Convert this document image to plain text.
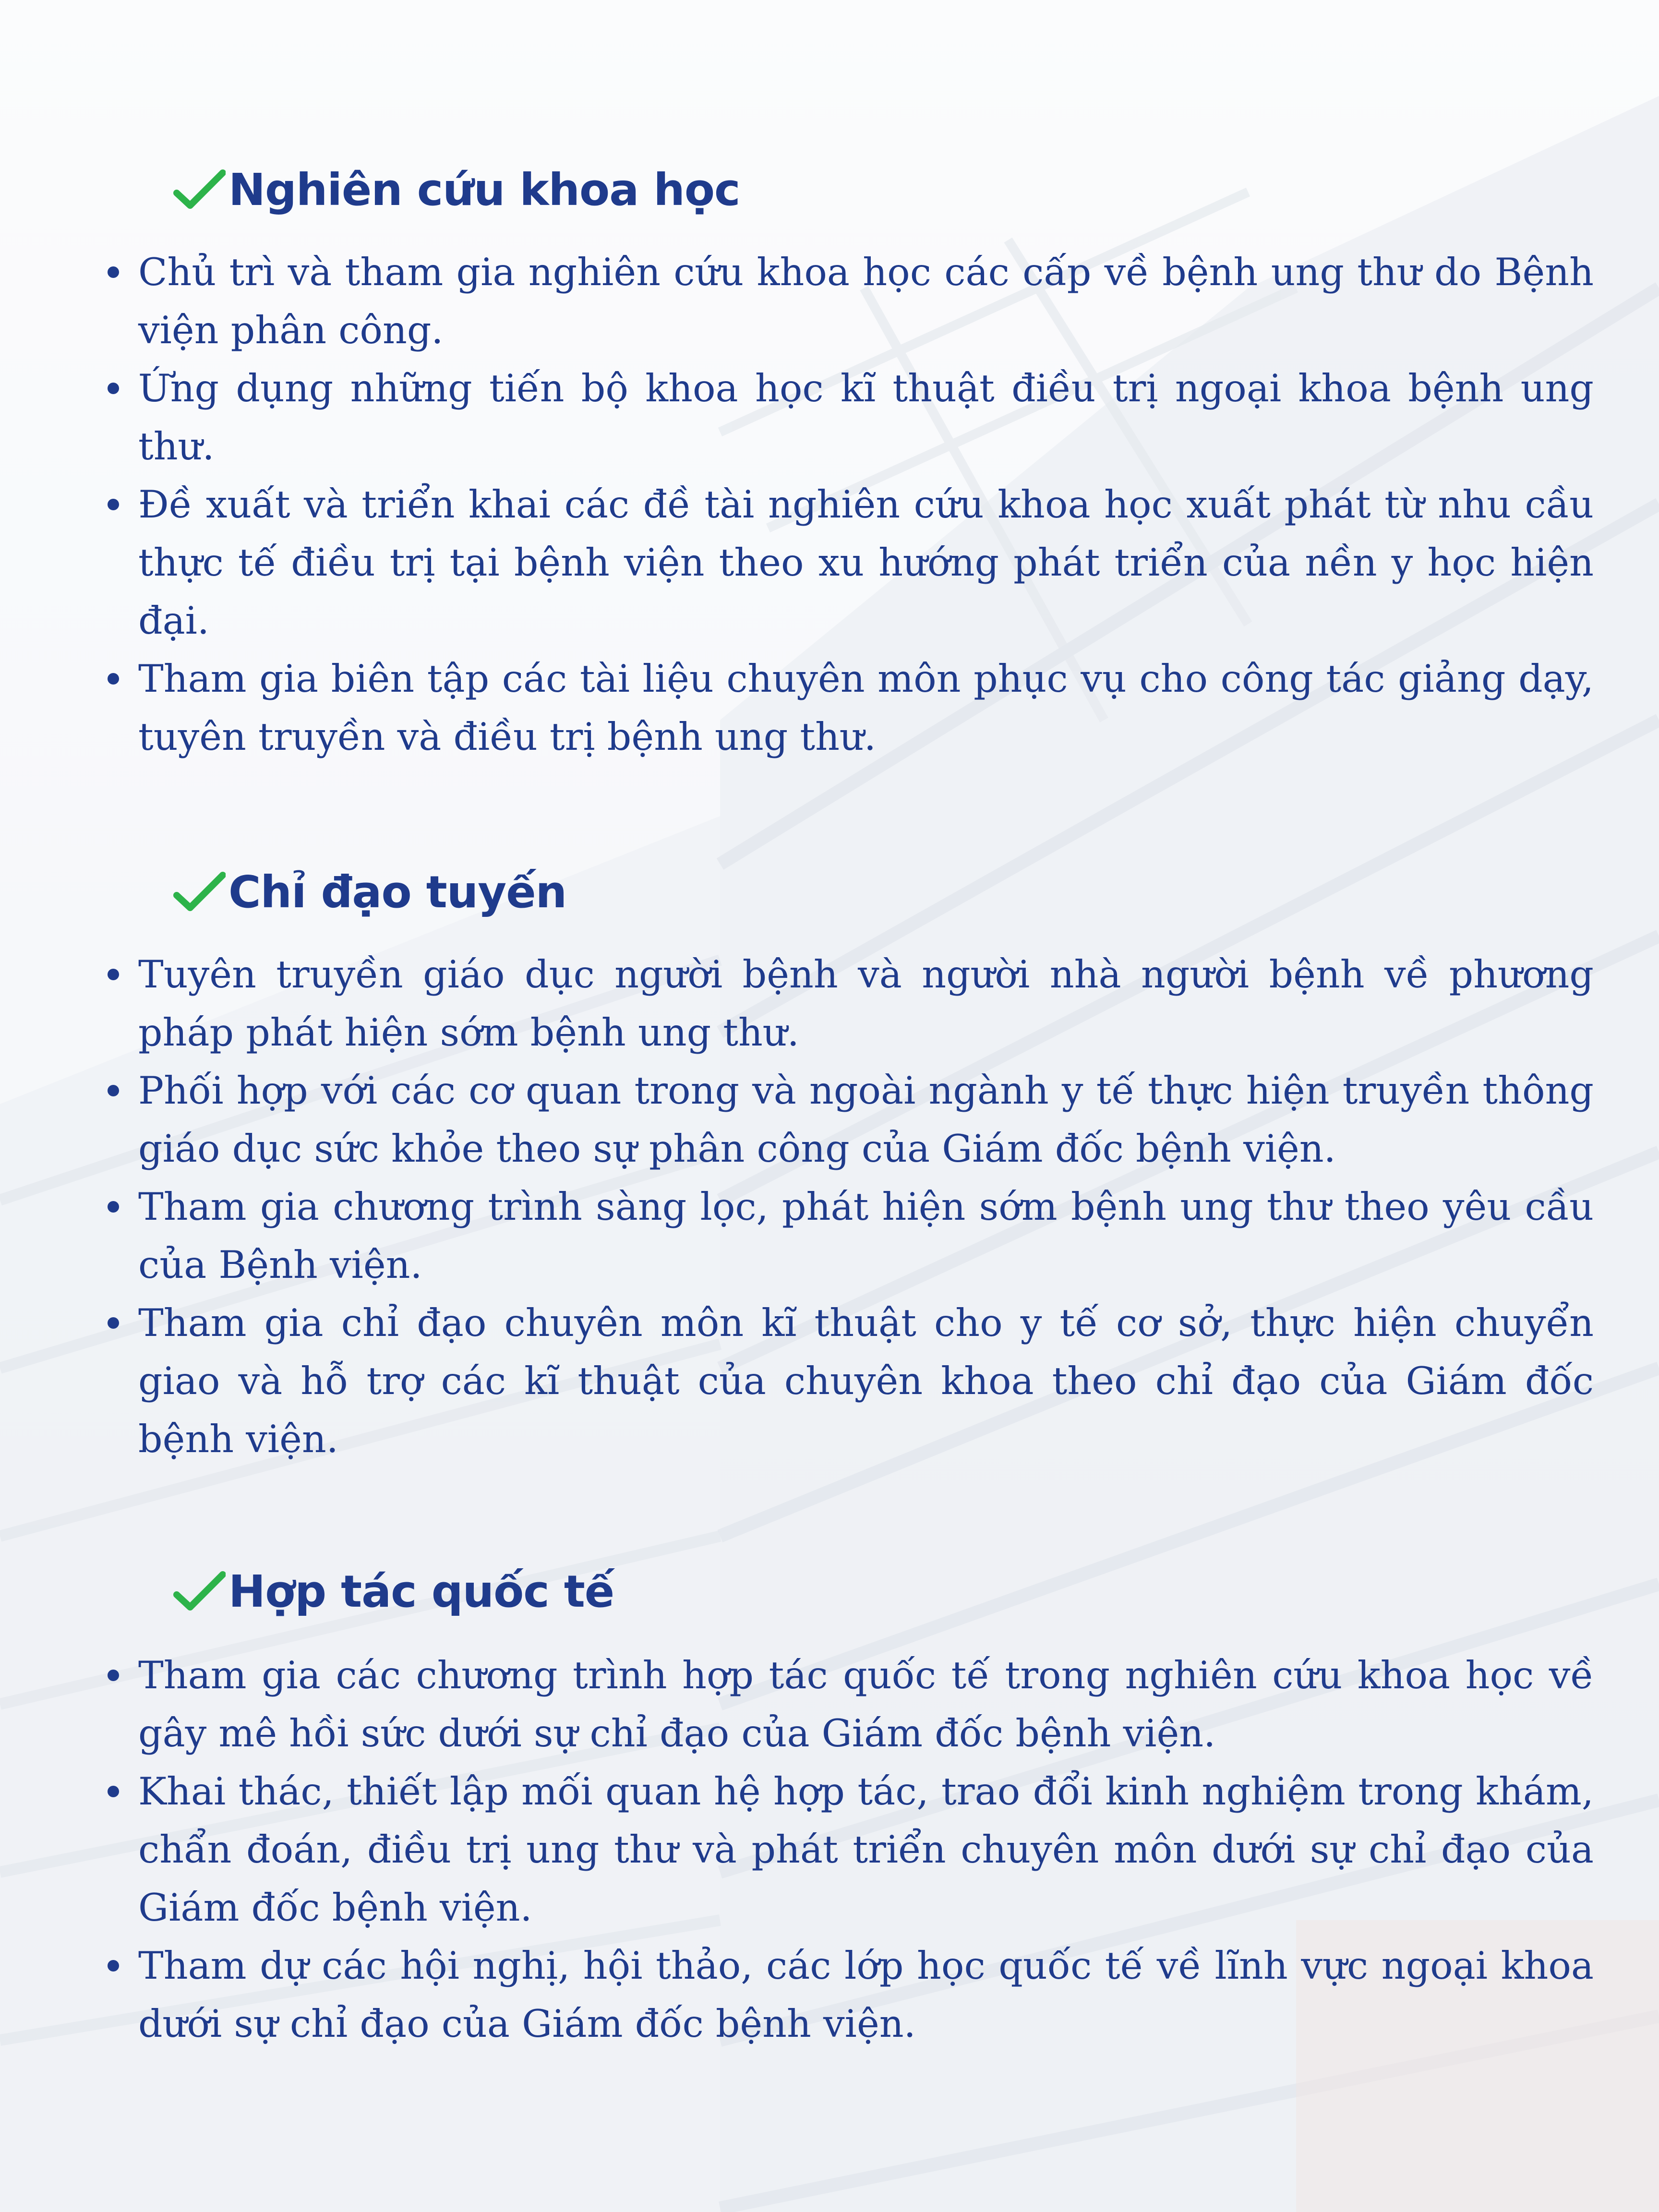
Nghiên cứu khoa học
Chủ trì và tham gia nghiên cứu khoa học các cấp về bệnh ung thư do Bệnh viện phân công.
Ứng dụng những tiến bộ khoa học kĩ thuật điều trị ngoại khoa bệnh ung thư.
Đề xuất và triển khai các đề tài nghiên cứu khoa học xuất phát từ nhu cầu thực tế điều trị tại bệnh viện theo xu hướng phát triển của nền y học hiện đại.
Tham gia biên tập các tài liệu chuyên môn phục vụ cho công tác giảng dạy, tuyên truyền và điều trị bệnh ung thư.
Chỉ đạo tuyến
Tuyên truyền giáo dục người bệnh và người nhà người bệnh về phương pháp phát hiện sớm bệnh ung thư.
Phối hợp với các cơ quan trong và ngoài ngành y tế thực hiện truyền thông giáo dục sức khỏe theo sự phân công của Giám đốc bệnh viện.
Tham gia chương trình sàng lọc, phát hiện sớm bệnh ung thư theo yêu cầu của Bệnh viện.
Tham gia chỉ đạo chuyên môn kĩ thuật cho y tế cơ sở, thực hiện chuyển giao và hỗ trợ các kĩ thuật của chuyên khoa theo chỉ đạo của Giám đốc bệnh viện.
Hợp tác quốc tế
Tham gia các chương trình hợp tác quốc tế trong nghiên cứu khoa học về gây mê hồi sức dưới sự chỉ đạo của Giám đốc bệnh viện.
Khai thác, thiết lập mối quan hệ hợp tác, trao đổi kinh nghiệm trong khám, chẩn đoán, điều trị ung thư và phát triển chuyên môn dưới sự chỉ đạo của Giám đốc bệnh viện.
Tham dự các hội nghị, hội thảo, các lớp học quốc tế về lĩnh vực ngoại khoa dưới sự chỉ đạo của Giám đốc bệnh viện.
